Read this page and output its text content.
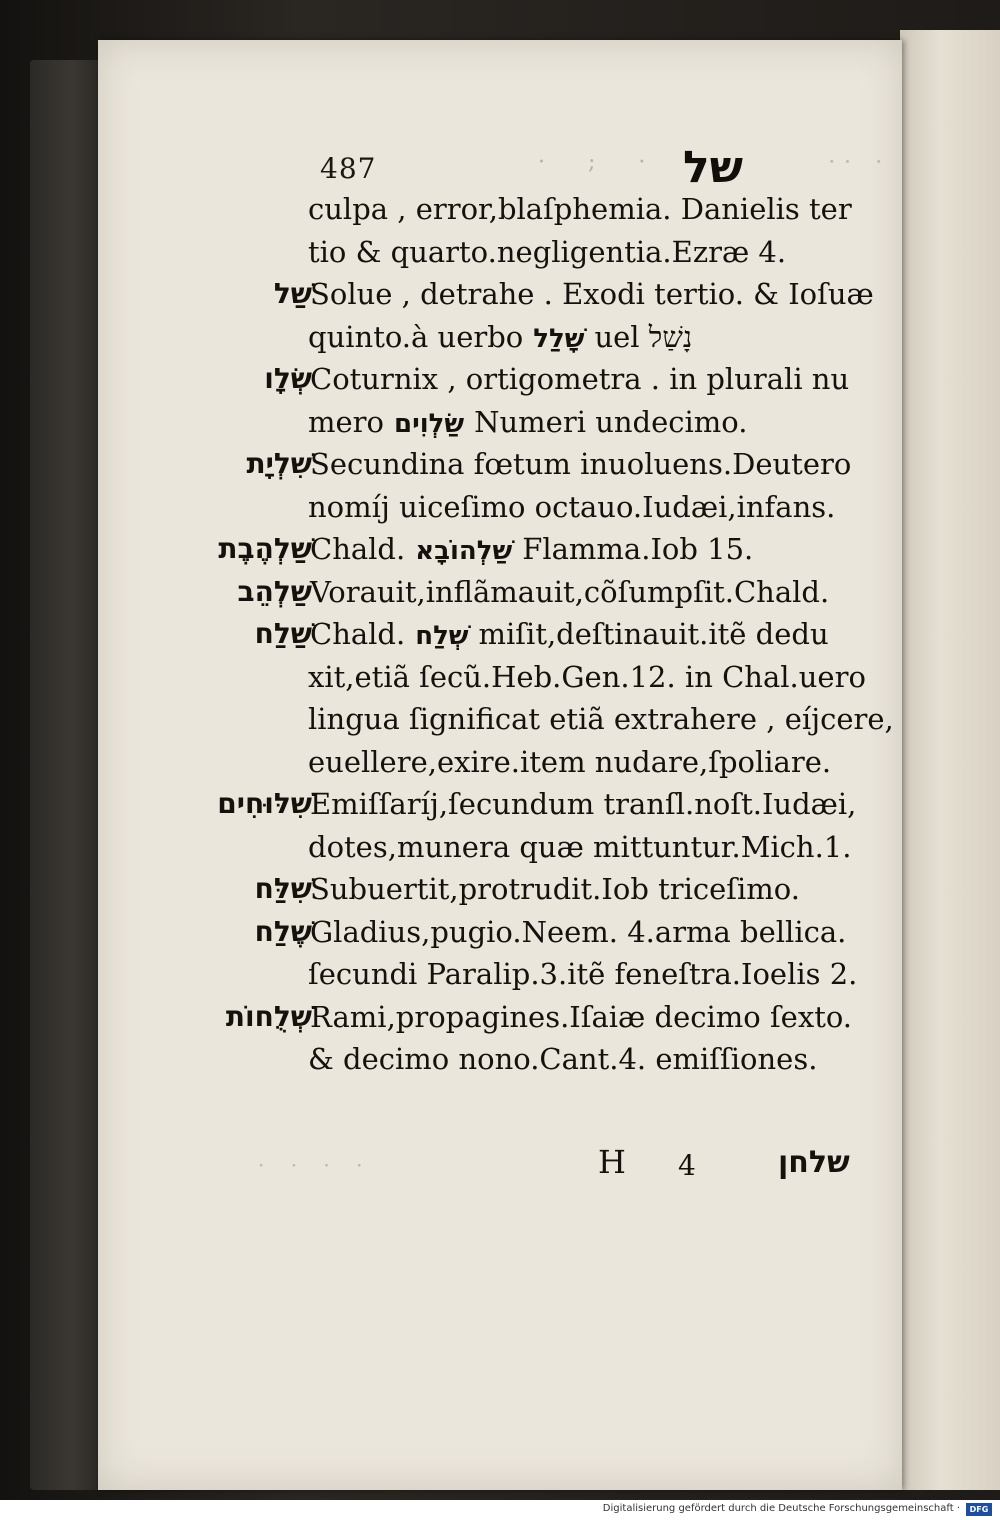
487	· ; · של	·· ·
culpa , error,blaſphemia. Danielis ter
tio & quarto.negligentia.Ezræ 4.
שַׁל
Solue , detrahe . Exodi tertio. & Ioſuæ
quinto.à uerbo שָׁלַל uel נָשַׁל
שְׂלָו
Coturnix , ortigometra . in plurali nu
mero שַׂלְוִים Numeri undecimo.
שִׁלְיָת
Secundina fœtum inuoluens.Deutero
nomíj uiceſimo octauo.Iudæi,infans.
שַׁלְהֶבֶת
Chald. שַׁלְהוֹבָא Flamma.Iob 15.
שַׁלְהֵב
Vorauit,inflãmauit,cõſumpſit.Chald.
שַׁלַח
Chald. שְׁלַח miſit,deſtinauit.itẽ dedu
xit,etiã ſecũ.Heb.Gen.12. in Chal.uero
lingua ſignificat etiã extrahere , eíjcere,
euellere,exire.item nudare,ſpoliare.
שִׁלּוּחִים
Emiſſaríj,ſecundum tranſl.noſt.Iudæi,
dotes,munera quæ mittuntur.Mich.1.
שִׁלַּח
Subuertit,protrudit.Iob triceſimo.
שֶׁלַח
Gladius,pugio.Neem. 4.arma bellica.
ſecundi Paralip.3.itẽ feneſtra.Ioelis 2.
שְׁלֻחוֹת
Rami,propagines.Iſaiæ decimo ſexto.
& decimo nono.Cant.4. emiſſiones.
· · · ·	H 4	שלחן
Digitalisierung gefördert durch die Deutsche Forschungsgemeinschaft ·	DFG
